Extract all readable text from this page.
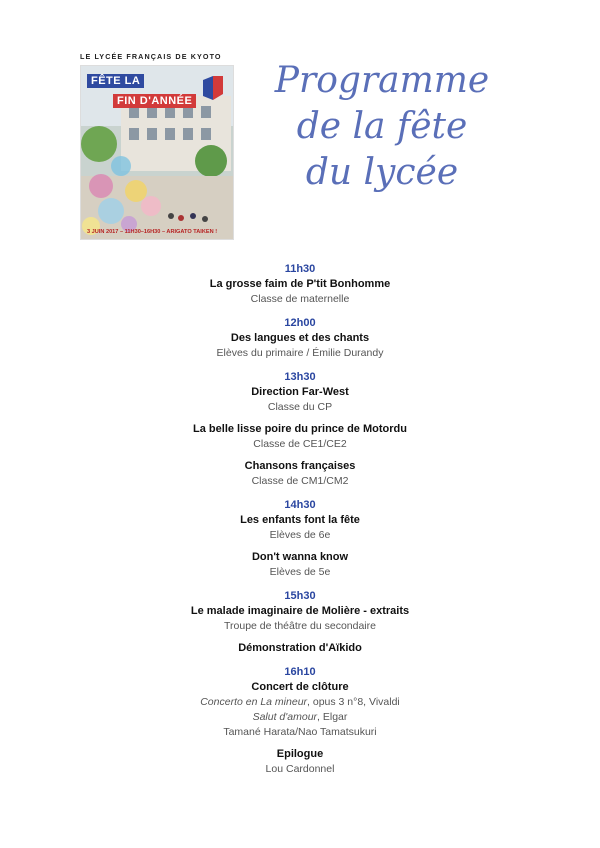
LE LYCÉE FRANÇAIS DE KYOTO
FÊTE LA
FIN D'ANNÉE
3 JUIN 2017 – 11H30–16H30 – ARIGATO TAIKEN !
Programme
de la fête
du lycée
11h30
La grosse faim de P'tit Bonhomme
Classe de maternelle
12h00
Des langues et des chants
Elèves du primaire / Émilie Durandy
13h30
Direction Far-West
Classe du CP
La belle lisse poire du prince de Motordu
Classe de CE1/CE2
Chansons françaises
Classe de CM1/CM2
14h30
Les enfants font la fête
Elèves de 6e
Don't wanna know
Elèves de 5e
15h30
Le malade imaginaire de Molière - extraits
Troupe de théâtre du secondaire
Démonstration d'Aïkido
16h10
Concert de clôture
Concerto en La mineur, opus 3 n°8, Vivaldi
Salut d'amour, Elgar
Tamané Harata/Nao Tamatsukuri
Epilogue
Lou Cardonnel
